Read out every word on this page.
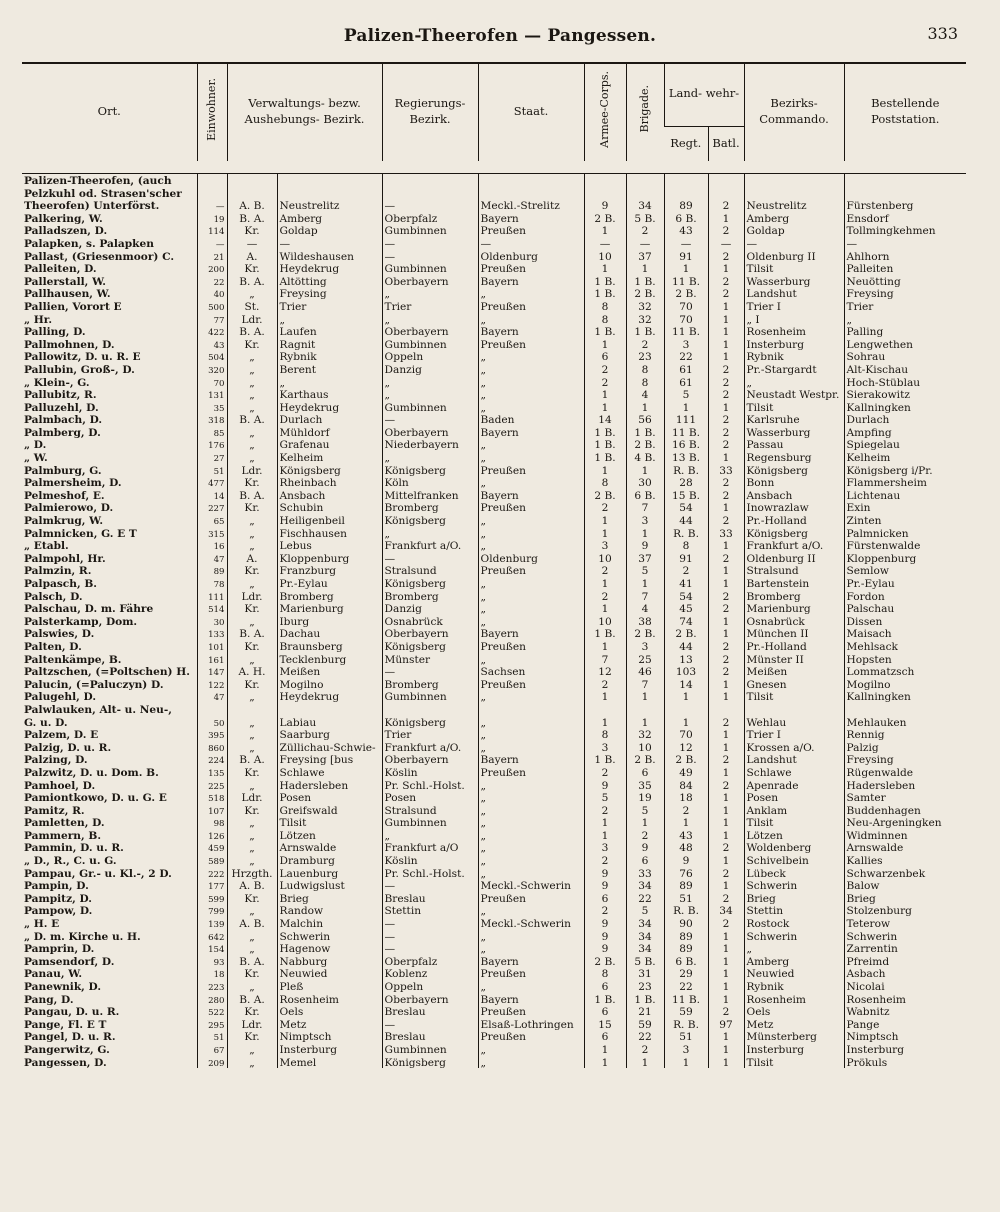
Palizen-Theerofen — Pangessen.	333
Ort.	Einwohner.	Verwaltungs- bezw. Aushebungs- Bezirk.		Regierungs- Bezirk.	Staat.	Armee-Corps.	Brigade.	Land- wehr-		Bezirks- Commando.	Bestellende Poststation.
								Regt.	Batl.		

Palizen-Theerofen, (auch											
Pelzkuhl od. Strasen'scher											
Theerofen) Unterförst.	—	A. B.	Neustrelitz	—	Meckl.-Strelitz	9	34	89	2	Neustrelitz	Fürstenberg
Palkering, W.	19	B. A.	Amberg	Oberpfalz	Bayern	2 B.	5 B.	6 B.	1	Amberg	Ensdorf
Palladszen, D.	114	Kr.	Goldap	Gumbinnen	Preußen	1	2	43	2	Goldap	Tollmingkehmen
Palapken, s. Palapken	—	—	—	—	—	—	—	—	—	—	—
Pallast, (Griesenmoor) C.	21	A.	Wildeshausen	—	Oldenburg	10	37	91	2	Oldenburg II	Ahlhorn
Palleiten, D.	200	Kr.	Heydekrug	Gumbinnen	Preußen	1	1	1	1	Tilsit	Palleiten
Pallerstall, W.	22	B. A.	Altötting	Oberbayern	Bayern	1 B.	1 B.	11 B.	2	Wasserburg	Neuötting
Pallhausen, W.	40	„	Freysing	„	„	1 B.	2 B.	2 B.	2	Landshut	Freysing
Pallien, Vorort E	500	St.	Trier	Trier	Preußen	8	32	70	1	Trier I	Trier
„ Hr.	77	Ldr.	„	„	„	8	32	70	1	„ I	„
Palling, D.	422	B. A.	Laufen	Oberbayern	Bayern	1 B.	1 B.	11 B.	1	Rosenheim	Palling
Pallmohnen, D.	43	Kr.	Ragnit	Gumbinnen	Preußen	1	2	3	1	Insterburg	Lengwethen
Pallowitz, D. u. R. E	504	„	Rybnik	Oppeln	„	6	23	22	1	Rybnik	Sohrau
Pallubin, Groß-, D.	320	„	Berent	Danzig	„	2	8	61	2	Pr.-Stargardt	Alt-Kischau
„ Klein-, G.	70	„	„	„	„	2	8	61	2	„	Hoch-Stüblau
Pallubitz, R.	131	„	Karthaus	„	„	1	4	5	2	Neustadt Westpr.	Sierakowitz
Palluzehl, D.	35	„	Heydekrug	Gumbinnen	„	1	1	1	1	Tilsit	Kallningken
Palmbach, D.	318	B. A.	Durlach	—	Baden	14	56	111	2	Karlsruhe	Durlach
Palmberg, D.	85	„	Mühldorf	Oberbayern	Bayern	1 B.	1 B.	11 B.	2	Wasserburg	Ampfing
„ D.	176	„	Grafenau	Niederbayern	„	1 B.	2 B.	16 B.	2	Passau	Spiegelau
„ W.	27	„	Kelheim	„	„	1 B.	4 B.	13 B.	1	Regensburg	Kelheim
Palmburg, G.	51	Ldr.	Königsberg	Königsberg	Preußen	1	1	R. B.	33	Königsberg	Königsberg i/Pr.
Palmersheim, D.	477	Kr.	Rheinbach	Köln	„	8	30	28	2	Bonn	Flammersheim
Pelmeshof, E.	14	B. A.	Ansbach	Mittelfranken	Bayern	2 B.	6 B.	15 B.	2	Ansbach	Lichtenau
Palmierowo, D.	227	Kr.	Schubin	Bromberg	Preußen	2	7	54	1	Inowrazlaw	Exin
Palmkrug, W.	65	„	Heiligenbeil	Königsberg	„	1	3	44	2	Pr.-Holland	Zinten
Palmnicken, G. E T	315	„	Fischhausen	„	„	1	1	R. B.	33	Königsberg	Palmnicken
„ Etabl.	16	„	Lebus	Frankfurt a/O.	„	3	9	8	1	Frankfurt a/O.	Fürstenwalde
Palmpohl, Hr.	47	A.	Kloppenburg	—	Oldenburg	10	37	91	2	Oldenburg II	Kloppenburg
Palmzin, R.	89	Kr.	Franzburg	Stralsund	Preußen	2	5	2	1	Stralsund	Semlow
Palpasch, B.	78	„	Pr.-Eylau	Königsberg	„	1	1	41	1	Bartenstein	Pr.-Eylau
Palsch, D.	111	Ldr.	Bromberg	Bromberg	„	2	7	54	2	Bromberg	Fordon
Palschau, D. m. Fähre	514	Kr.	Marienburg	Danzig	„	1	4	45	2	Marienburg	Palschau
Palsterkamp, Dom.	30	„	Iburg	Osnabrück	„	10	38	74	1	Osnabrück	Dissen
Palswies, D.	133	B. A.	Dachau	Oberbayern	Bayern	1 B.	2 B.	2 B.	1	München II	Maisach
Palten, D.	101	Kr.	Braunsberg	Königsberg	Preußen	1	3	44	2	Pr.-Holland	Mehlsack
Paltenkämpe, B.	161	„	Tecklenburg	Münster	„	7	25	13	2	Münster II	Hopsten
Paltzschen, (=Poltschen) H.	147	A. H.	Meißen	—	Sachsen	12	46	103	2	Meißen	Lommatzsch
Palucin, (=Paluczyn) D.	122	Kr.	Mogilno	Bromberg	Preußen	2	7	14	1	Gnesen	Mogilno
Palugehl, D.	47	„	Heydekrug	Gumbinnen	„	1	1	1	1	Tilsit	Kallningken
Palwlauken, Alt- u. Neu-,											
G. u. D.	50	„	Labiau	Königsberg	„	1	1	1	2	Wehlau	Mehlauken
Palzem, D. E	395	„	Saarburg	Trier	„	8	32	70	1	Trier I	Rennig
Palzig, D. u. R.	860	„	Züllichau-Schwie-	Frankfurt a/O.	„	3	10	12	1	Krossen a/O.	Palzig
Palzing, D.	224	B. A.	Freysing [bus	Oberbayern	Bayern	1 B.	2 B.	2 B.	2	Landshut	Freysing
Palzwitz, D. u. Dom. B.	135	Kr.	Schlawe	Köslin	Preußen	2	6	49	1	Schlawe	Rügenwalde
Pamhoel, D.	225	„	Hadersleben	Pr. Schl.-Holst.	„	9	35	84	2	Apenrade	Hadersleben
Pamiontkowo, D. u. G. E	518	Ldr.	Posen	Posen	„	5	19	18	1	Posen	Samter
Pamitz, R.	107	Kr.	Greifswald	Stralsund	„	2	5	2	1	Anklam	Buddenhagen
Pamletten, D.	98	„	Tilsit	Gumbinnen	„	1	1	1	1	Tilsit	Neu-Argeningken
Pammern, B.	126	„	Lötzen	„	„	1	2	43	1	Lötzen	Widminnen
Pammin, D. u. R.	459	„	Arnswalde	Frankfurt a/O	„	3	9	48	2	Woldenberg	Arnswalde
„ D., R., C. u. G.	589	„	Dramburg	Köslin	„	2	6	9	1	Schivelbein	Kallies
Pampau, Gr.- u. Kl.-, 2 D.	222	Hrzgth.	Lauenburg	Pr. Schl.-Holst.	„	9	33	76	2	Lübeck	Schwarzenbek
Pampin, D.	177	A. B.	Ludwigslust	—	Meckl.-Schwerin	9	34	89	1	Schwerin	Balow
Pampitz, D.	599	Kr.	Brieg	Breslau	Preußen	6	22	51	2	Brieg	Brieg
Pampow, D.	799	„	Randow	Stettin	„	2	5	R. B.	34	Stettin	Stolzenburg
„ H. E	139	A. B.	Malchin	—	Meckl.-Schwerin	9	34	90	2	Rostock	Teterow
„ D. m. Kirche u. H.	642	„	Schwerin	—	„	9	34	89	1	Schwerin	Schwerin
Pamprin, D.	154	„	Hagenow	—	„	9	34	89	1	„	Zarrentin
Pamsendorf, D.	93	B. A.	Nabburg	Oberpfalz	Bayern	2 B.	5 B.	6 B.	1	Amberg	Pfreimd
Panau, W.	18	Kr.	Neuwied	Koblenz	Preußen	8	31	29	1	Neuwied	Asbach
Panewnik, D.	223	„	Pleß	Oppeln	„	6	23	22	1	Rybnik	Nicolai
Pang, D.	280	B. A.	Rosenheim	Oberbayern	Bayern	1 B.	1 B.	11 B.	1	Rosenheim	Rosenheim
Pangau, D. u. R.	522	Kr.	Oels	Breslau	Preußen	6	21	59	2	Oels	Wabnitz
Pange, Fl. E T	295	Ldr.	Metz	—	Elsaß-Lothringen	15	59	R. B.	97	Metz	Pange
Pangel, D. u. R.	51	Kr.	Nimptsch	Breslau	Preußen	6	22	51	1	Münsterberg	Nimptsch
Pangerwitz, G.	67	„	Insterburg	Gumbinnen	„	1	2	3	1	Insterburg	Insterburg
Pangessen, D.	209	„	Memel	Königsberg	„	1	1	1	1	Tilsit	Prökuls
